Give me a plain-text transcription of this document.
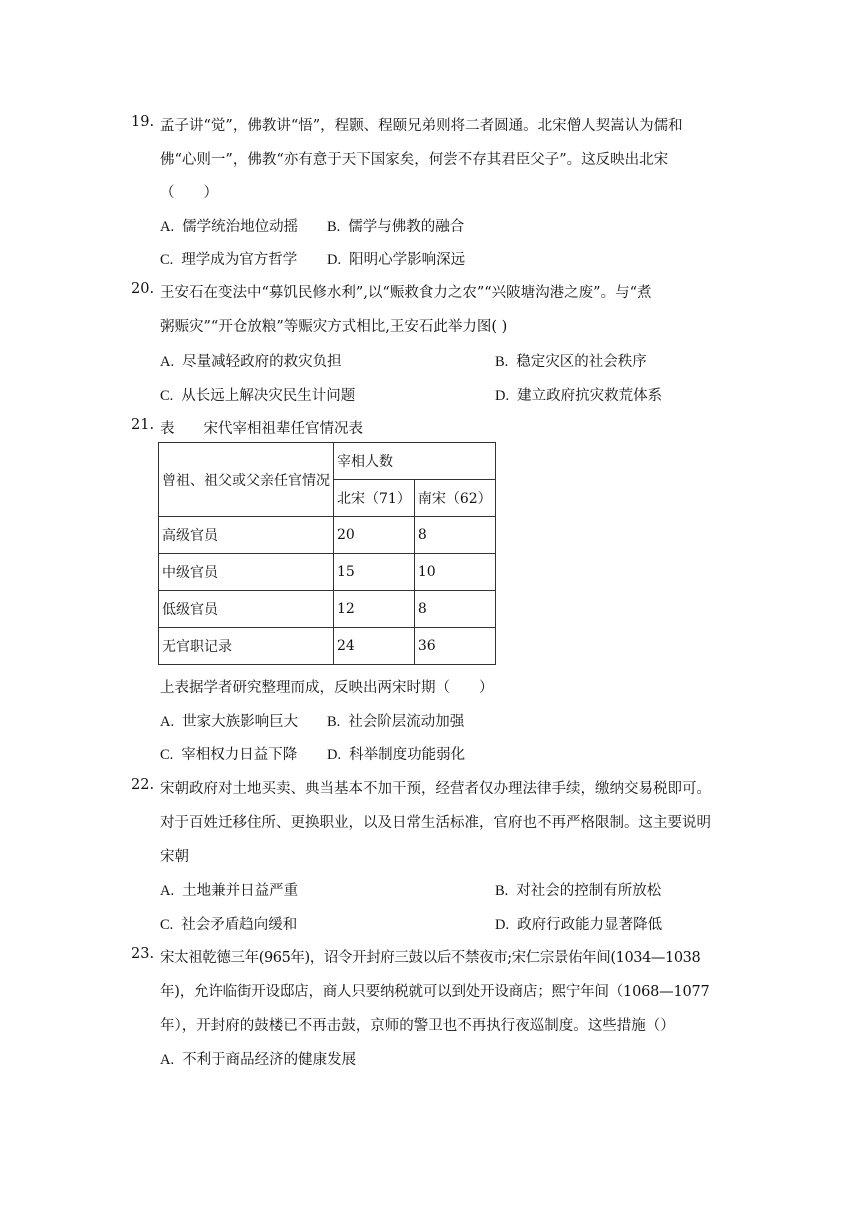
19. 孟子讲“觉”，佛教讲“悟”，程颢、程颐兄弟则将二者圆通。北宋僧人契嵩认为儒和
佛“心则一”，佛教“亦有意于天下国家矣，何尝不存其君臣父子”。这反映出北宋
（　　）
A. 儒学统治地位动摇 B. 儒学与佛教的融合
C. 理学成为官方哲学 D. 阳明心学影响深远
20. 王安石在变法中“募饥民修水利”,以“赈救食力之农”“兴陂塘沟港之废”。与“煮
粥赈灾”“开仓放粮”等赈灾方式相比,王安石此举力图( )
A. 尽量减轻政府的救灾负担	B. 稳定灾区的社会秩序
C. 从长远上解决灾民生计问题	D. 建立政府抗灾救荒体系
21. 表　　宋代宰相祖辈任官情况表
曾祖、祖父或父亲任官情况	宰相人数	
	北宋（71）	南宋（62）
高级官员	20	8
中级官员	15	10
低级官员	12	8
无官职记录	24	36
上表据学者研究整理而成，反映出两宋时期（　　）
A. 世家大族影响巨大 B. 社会阶层流动加强
C. 宰相权力日益下降 D. 科举制度功能弱化
22. 宋朝政府对土地买卖、典当基本不加干预，经营者仅办理法律手续，缴纳交易税即可。
对于百姓迁移住所、更换职业，以及日常生活标准，官府也不再严格限制。这主要说明
宋朝
A. 土地兼并日益严重	B. 对社会的控制有所放松
C. 社会矛盾趋向缓和	D. 政府行政能力显著降低
23. 宋太祖乾德三年(965年)，诏令开封府三鼓以后不禁夜市;宋仁宗景佑年间(1034—1038
年)，允许临街开设邸店，商人只要纳税就可以到处开设商店；熙宁年间（1068—1077
年），开封府的鼓楼已不再击鼓，京师的警卫也不再执行夜巡制度。这些措施（）
A. 不利于商品经济的健康发展
